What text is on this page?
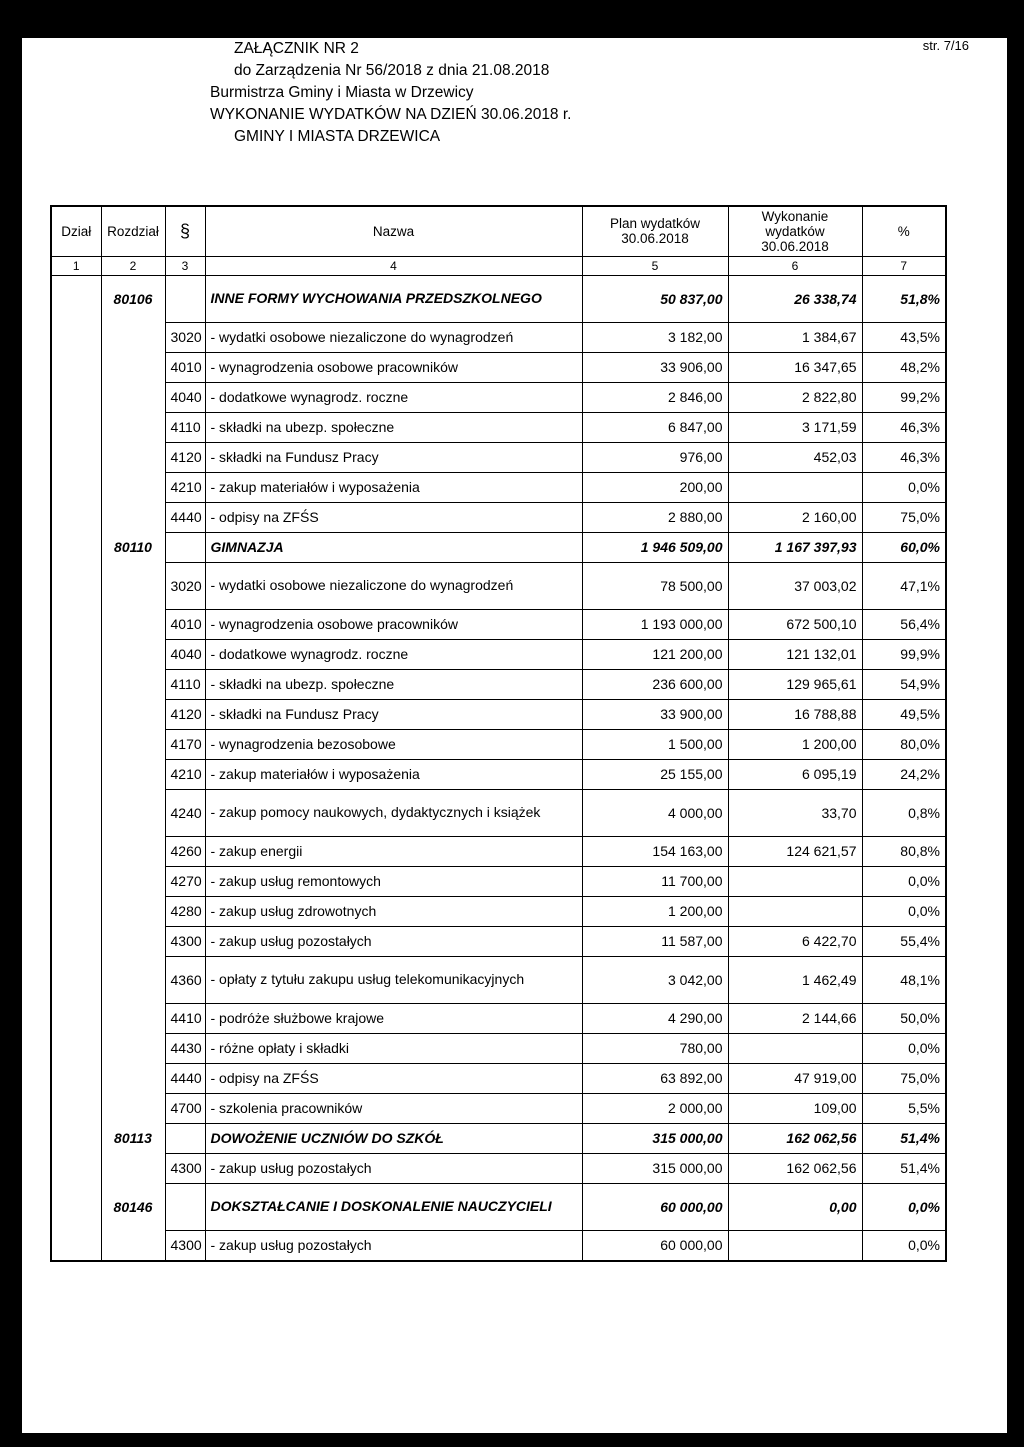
ZAŁĄCZNIK NR 2
do Zarządzenia Nr 56/2018 z dnia 21.08.2018
Burmistrza Gminy i Miasta w Drzewicy
WYKONANIE WYDATKÓW NA DZIEŃ 30.06.2018 r.
GMINY I MIASTA DRZEWICA
str. 7/16
Dział	Rozdział	§	Nazwa	Plan wydatków 30.06.2018	Wykonanie wydatków 30.06.2018	%
1	2	3	4	5	6	7
	80106		INNE FORMY WYCHOWANIA PRZEDSZKOLNEGO	50 837,00	26 338,74	51,8%
		3020	- wydatki osobowe niezaliczone do wynagrodzeń	3 182,00	1 384,67	43,5%
		4010	- wynagrodzenia osobowe pracowników	33 906,00	16 347,65	48,2%
		4040	- dodatkowe wynagrodz. roczne	2 846,00	2 822,80	99,2%
		4110	- składki na ubezp. społeczne	6 847,00	3 171,59	46,3%
		4120	- składki na Fundusz Pracy	976,00	452,03	46,3%
		4210	- zakup materiałów i wyposażenia	200,00		0,0%
		4440	- odpisy na ZFŚS	2 880,00	2 160,00	75,0%
	80110		GIMNAZJA	1 946 509,00	1 167 397,93	60,0%
		3020	- wydatki osobowe niezaliczone do wynagrodzeń	78 500,00	37 003,02	47,1%
		4010	- wynagrodzenia osobowe pracowników	1 193 000,00	672 500,10	56,4%
		4040	- dodatkowe wynagrodz. roczne	121 200,00	121 132,01	99,9%
		4110	- składki na ubezp. społeczne	236 600,00	129 965,61	54,9%
		4120	- składki na Fundusz Pracy	33 900,00	16 788,88	49,5%
		4170	- wynagrodzenia bezosobowe	1 500,00	1 200,00	80,0%
		4210	- zakup materiałów i wyposażenia	25 155,00	6 095,19	24,2%
		4240	- zakup pomocy naukowych, dydaktycznych i książek	4 000,00	33,70	0,8%
		4260	- zakup energii	154 163,00	124 621,57	80,8%
		4270	- zakup usług remontowych	11 700,00		0,0%
		4280	- zakup usług zdrowotnych	1 200,00		0,0%
		4300	- zakup usług pozostałych	11 587,00	6 422,70	55,4%
		4360	- opłaty z tytułu zakupu usług telekomunikacyjnych	3 042,00	1 462,49	48,1%
		4410	- podróże służbowe krajowe	4 290,00	2 144,66	50,0%
		4430	- różne opłaty i składki	780,00		0,0%
		4440	- odpisy na ZFŚS	63 892,00	47 919,00	75,0%
		4700	- szkolenia pracowników	2 000,00	109,00	5,5%
	80113		DOWOŻENIE UCZNIÓW DO SZKÓŁ	315 000,00	162 062,56	51,4%
		4300	- zakup usług pozostałych	315 000,00	162 062,56	51,4%
	80146		DOKSZTAŁCANIE I DOSKONALENIE NAUCZYCIELI	60 000,00	0,00	0,0%
		4300	- zakup usług pozostałych	60 000,00		0,0%
